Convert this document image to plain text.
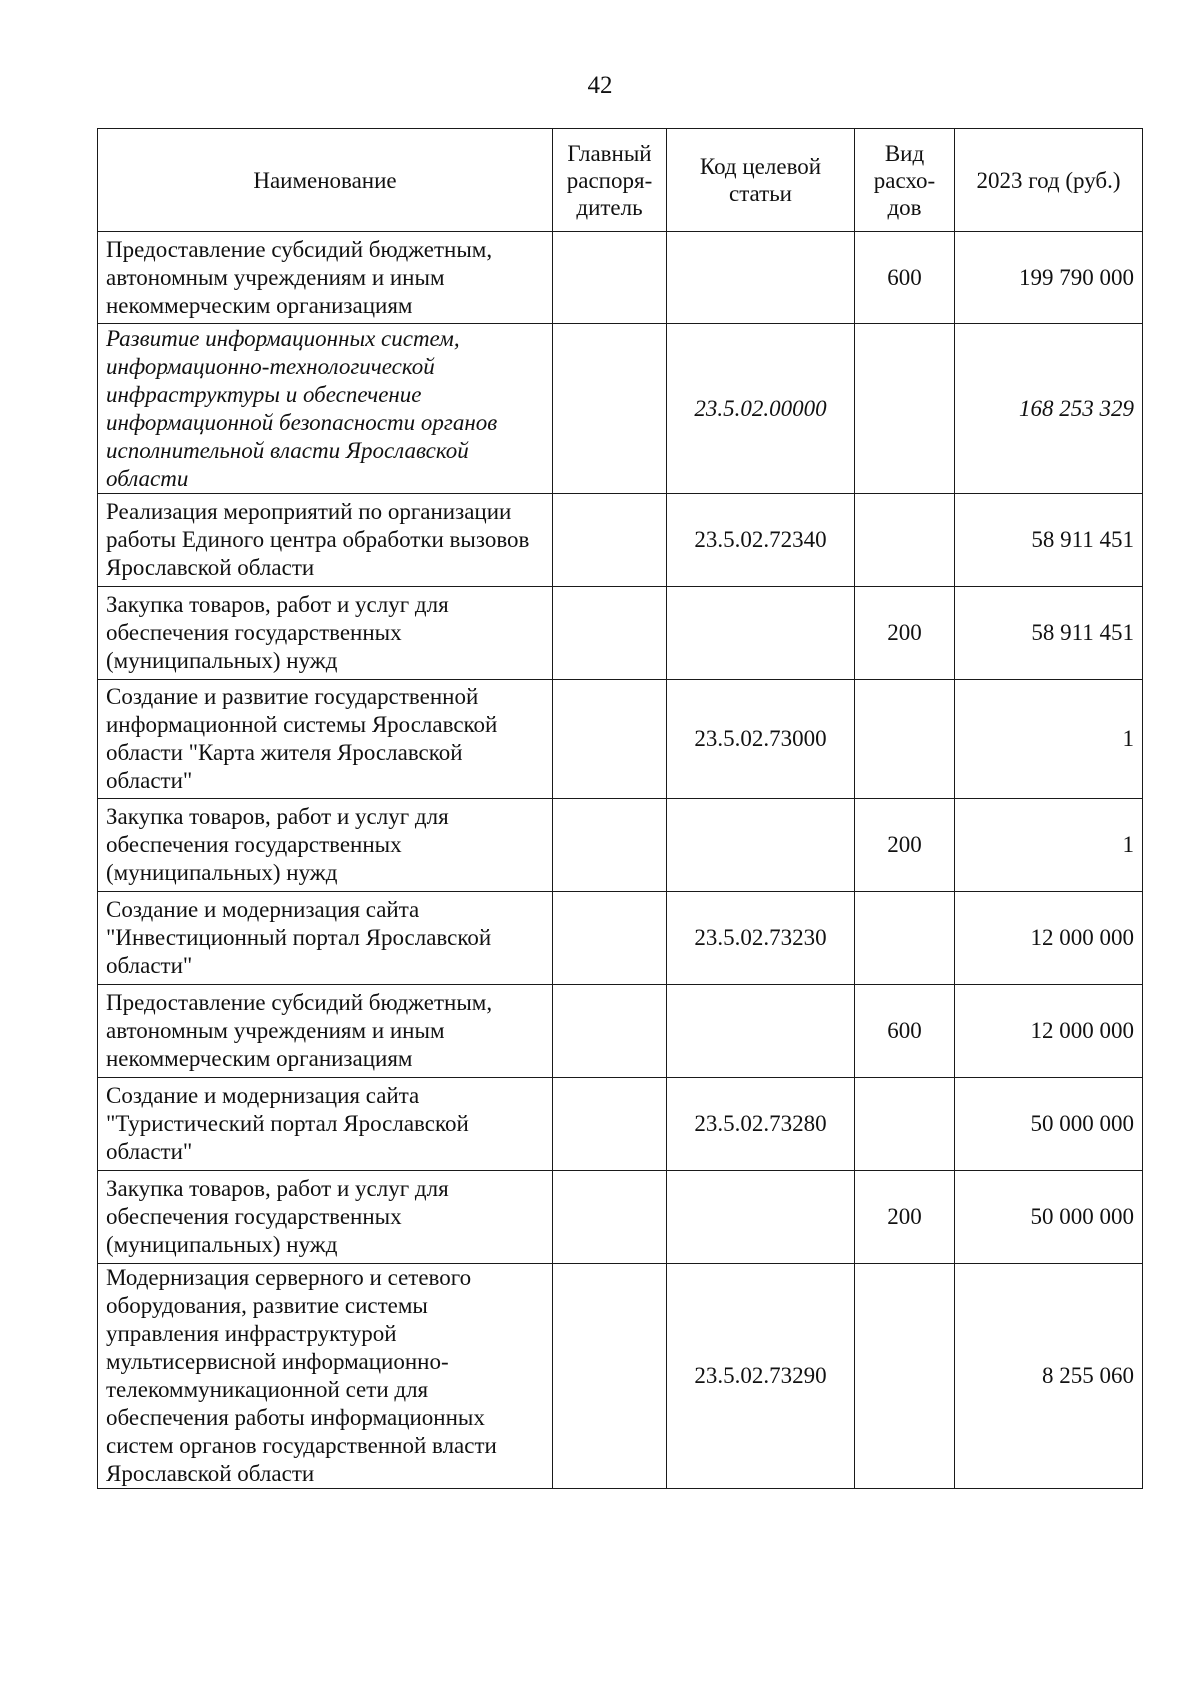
42
Наименование	Главный распоря-дитель	Код целевой статьи	Вид расхо-дов	2023 год (руб.)
Предоставление субсидий бюджетным, автономным учреждениям и иным некоммерческим организациям			600	199 790 000
Развитие информационных систем, информационно-технологической инфраструктуры и обеспечение информационной безопасности органов исполнительной власти Ярославской области		23.5.02.00000		168 253 329
Реализация мероприятий по организации работы Единого центра обработки вызовов Ярославской области		23.5.02.72340		58 911 451
Закупка товаров, работ и услуг для обеспечения государственных (муниципальных) нужд			200	58 911 451
Создание и развитие государственной информационной системы Ярославской области "Карта жителя Ярославской области"		23.5.02.73000		1
Закупка товаров, работ и услуг для обеспечения государственных (муниципальных) нужд			200	1
Создание и модернизация сайта "Инвестиционный портал Ярославской области"		23.5.02.73230		12 000 000
Предоставление субсидий бюджетным, автономным учреждениям и иным некоммерческим организациям			600	12 000 000
Создание и модернизация сайта "Туристический портал Ярославской области"		23.5.02.73280		50 000 000
Закупка товаров, работ и услуг для обеспечения государственных (муниципальных) нужд			200	50 000 000
Модернизация серверного и сетевого оборудования, развитие системы управления инфраструктурой мультисервисной информационно-телекоммуникационной сети для обеспечения работы информационных систем органов государственной власти Ярославской области		23.5.02.73290		8 255 060
